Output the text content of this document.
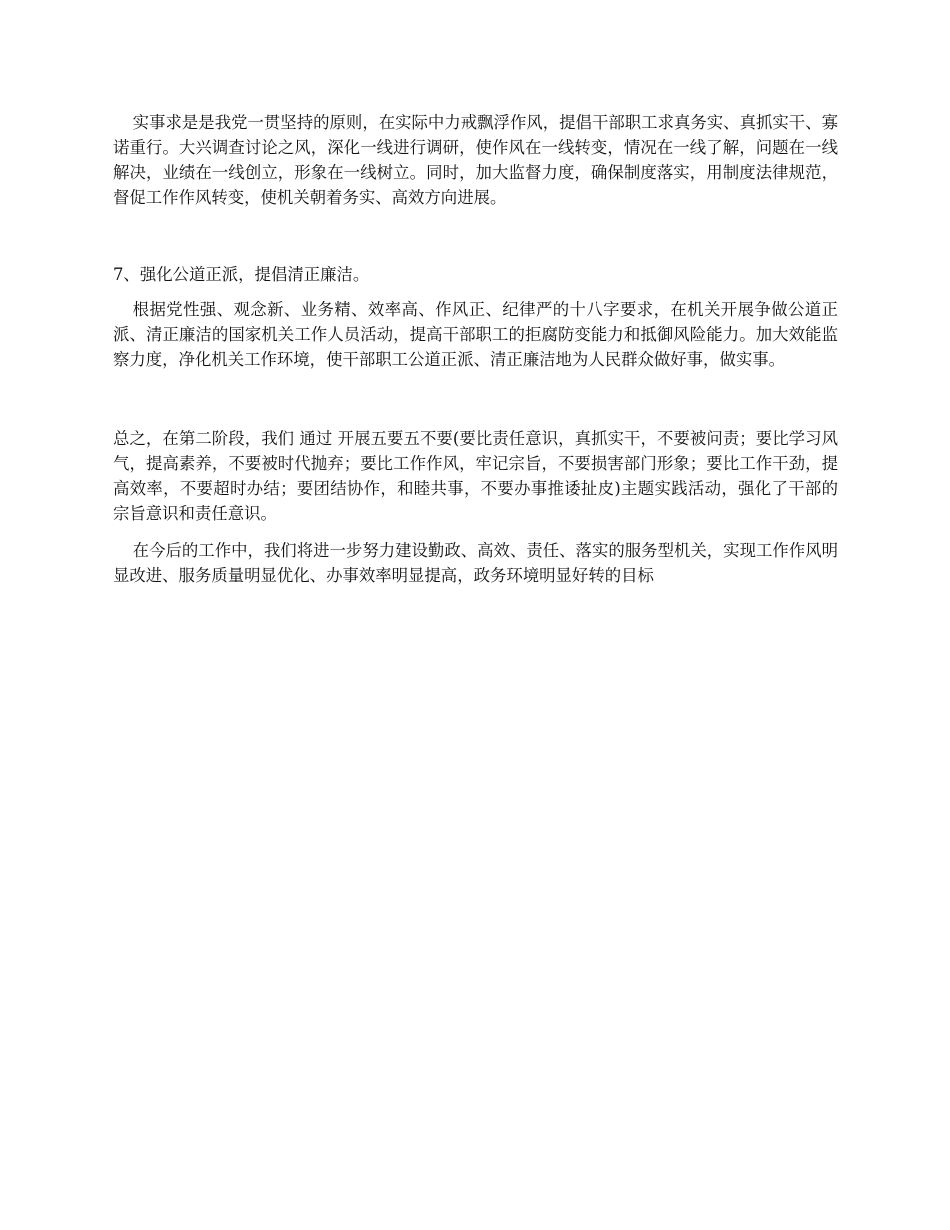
实事求是是我党一贯坚持的原则，在实际中力戒飘浮作风，提倡干部职工求真务实、真抓实干、寡诺重行。大兴调查讨论之风，深化一线进行调研，使作风在一线转变，情况在一线了解，问题在一线解决，业绩在一线创立，形象在一线树立。同时，加大监督力度，确保制度落实，用制度法律规范，督促工作作风转变，使机关朝着务实、高效方向进展。

7、强化公道正派，提倡清正廉洁。

根据党性强、观念新、业务精、效率高、作风正、纪律严的十八字要求，在机关开展争做公道正派、清正廉洁的国家机关工作人员活动，提高干部职工的拒腐防变能力和抵御风险能力。加大效能监察力度，净化机关工作环境，使干部职工公道正派、清正廉洁地为人民群众做好事，做实事。

总之，在第二阶段，我们 通过 开展五要五不要(要比责任意识，真抓实干，不要被问责；要比学习风气，提高素养，不要被时代抛弃；要比工作作风，牢记宗旨，不要损害部门形象；要比工作干劲，提高效率，不要超时办结；要团结协作，和睦共事，不要办事推诿扯皮)主题实践活动，强化了干部的宗旨意识和责任意识。

在今后的工作中，我们将进一步努力建设勤政、高效、责任、落实的服务型机关，实现工作作风明显改进、服务质量明显优化、办事效率明显提高，政务环境明显好转的目标
